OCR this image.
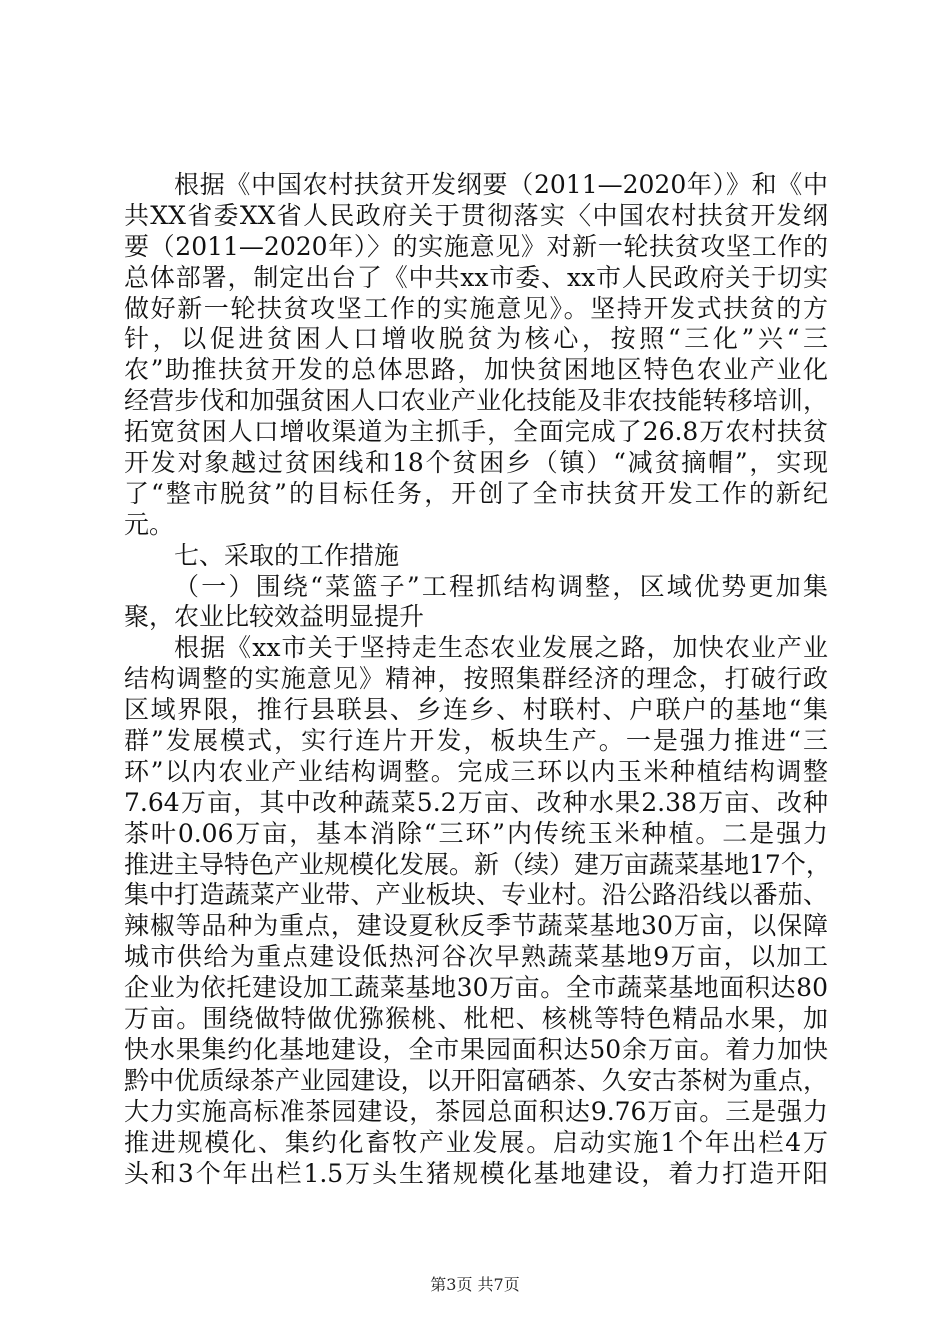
根据《中国农村扶贫开发纲要（2011—2020年）》和《中
共XX省委XX省人民政府关于贯彻落实〈中国农村扶贫开发纲
要（2011—2020年）〉的实施意见》对新一轮扶贫攻坚工作的
总体部署，制定出台了《中共xx市委、xx市人民政府关于切实
做好新一轮扶贫攻坚工作的实施意见》。坚持开发式扶贫的方
针，以促进贫困人口增收脱贫为核心，按照“三化”兴“三
农”助推扶贫开发的总体思路，加快贫困地区特色农业产业化
经营步伐和加强贫困人口农业产业化技能及非农技能转移培训，
拓宽贫困人口增收渠道为主抓手，全面完成了26.8万农村扶贫
开发对象越过贫困线和18个贫困乡（镇）“减贫摘帽”，实现
了“整市脱贫”的目标任务，开创了全市扶贫开发工作的新纪
元。
七、采取的工作措施
（一）围绕“菜篮子”工程抓结构调整，区域优势更加集
聚，农业比较效益明显提升
根据《xx市关于坚持走生态农业发展之路，加快农业产业
结构调整的实施意见》精神，按照集群经济的理念，打破行政
区域界限，推行县联县、乡连乡、村联村、户联户的基地“集
群”发展模式，实行连片开发，板块生产。一是强力推进“三
环”以内农业产业结构调整。完成三环以内玉米种植结构调整
7.64万亩，其中改种蔬菜5.2万亩、改种水果2.38万亩、改种
茶叶0.06万亩，基本消除“三环”内传统玉米种植。二是强力
推进主导特色产业规模化发展。新（续）建万亩蔬菜基地17个，
集中打造蔬菜产业带、产业板块、专业村。沿公路沿线以番茄、
辣椒等品种为重点，建设夏秋反季节蔬菜基地30万亩，以保障
城市供给为重点建设低热河谷次早熟蔬菜基地9万亩，以加工
企业为依托建设加工蔬菜基地30万亩。全市蔬菜基地面积达80
万亩。围绕做特做优猕猴桃、枇杷、核桃等特色精品水果，加
快水果集约化基地建设，全市果园面积达50余万亩。着力加快
黔中优质绿茶产业园建设，以开阳富硒茶、久安古茶树为重点，
大力实施高标准茶园建设，茶园总面积达9.76万亩。三是强力
推进规模化、集约化畜牧产业发展。启动实施1个年出栏4万
头和3个年出栏1.5万头生猪规模化基地建设，着力打造开阳
第3页 共7页
